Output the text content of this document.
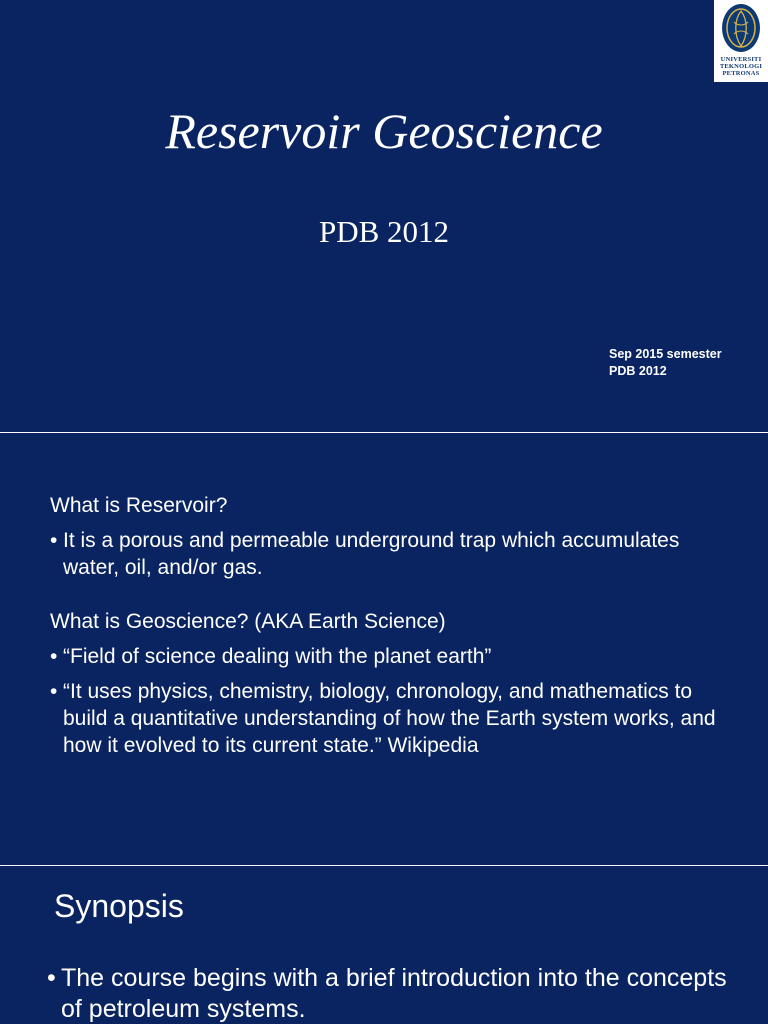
UNIVERSITI
TEKNOLOGI
PETRONAS
Reservoir Geoscience
PDB 2012
Sep 2015 semester
PDB 2012
What is Reservoir?
• It is a porous and permeable underground trap which accumulates water, oil, and/or gas.
What is Geoscience? (AKA Earth Science)
• “Field of science dealing with the planet earth”
• “It uses physics, chemistry, biology, chronology, and mathematics to build a quantitative understanding of how the Earth system works, and how it evolved to its current state.” Wikipedia
Synopsis
• The course begins with a brief introduction into the concepts of petroleum systems.
